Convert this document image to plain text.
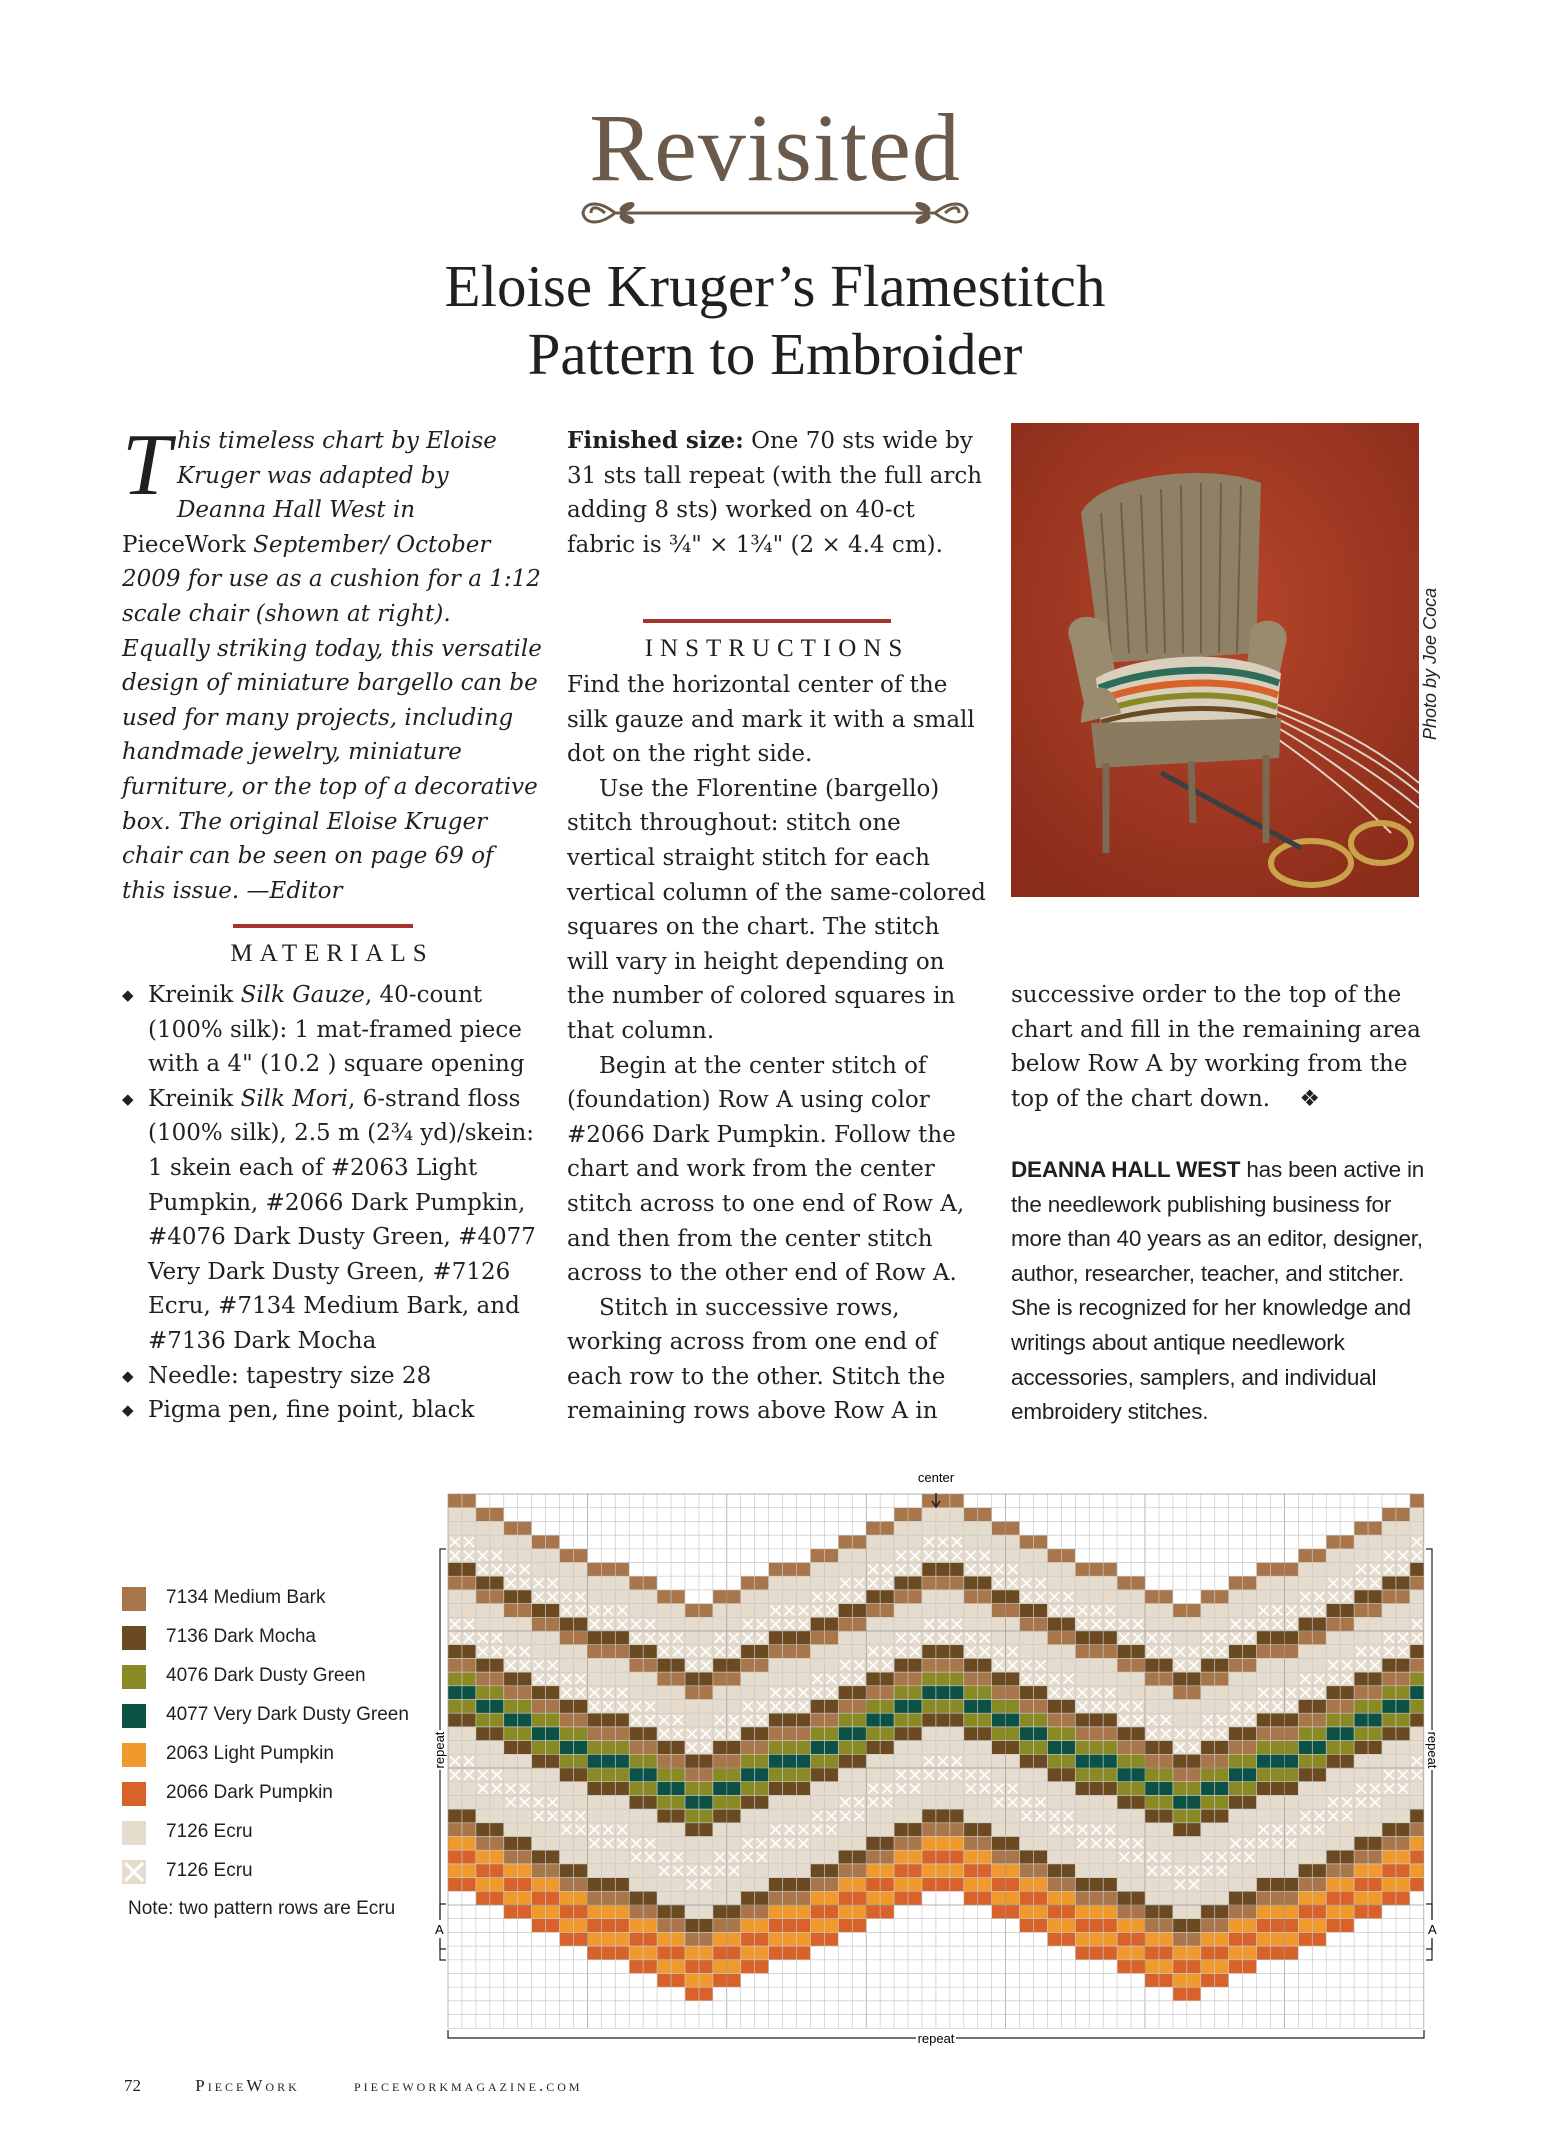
Revisited
Eloise Kruger’s Flamestitch
Pattern to Embroider
This timeless chart by Eloise Kruger was adapted by Deanna Hall West in PieceWork September/ October 2009 for use as a cushion for a 1:12 scale chair (shown at right). Equally striking today, this versatile design of miniature bargello can be used for many projects, including handmade jewelry, miniature furniture, or the top of a decorative box. The original Eloise Kruger chair can be seen on page 69 of this issue. —Editor
MATERIALS
◆ Kreinik Silk Gauze, 40-count (100% silk): 1 mat-framed piece with a 4" (10.2 ) square opening
◆ Kreinik Silk Mori, 6-strand floss (100% silk), 2.5 m (2¾ yd)/skein: 1 skein each of #2063 Light Pumpkin, #2066 Dark Pumpkin, #4076 Dark Dusty Green, #4077 Very Dark Dusty Green, #7126 Ecru, #7134 Medium Bark, and #7136 Dark Mocha
◆ Needle: tapestry size 28
◆ Pigma pen, fine point, black
Finished size: One 70 sts wide by 31 sts tall repeat (with the full arch adding 8 sts) worked on 40-ct fabric is ¾" × 1¾" (2 × 4.4 cm).
INSTRUCTIONS

Find the horizontal center of the silk gauze and mark it with a small dot on the right side.

Use the Florentine (bargello) stitch throughout: stitch one vertical straight stitch for each vertical column of the same-colored squares on the chart. The stitch will vary in height depending on the number of colored squares in that column.

Begin at the center stitch of (foundation) Row A using color #2066 Dark Pumpkin. Follow the chart and work from the center stitch across to one end of Row A, and then from the center stitch across to the other end of Row A.

Stitch in successive rows, working across from one end of each row to the other. Stitch the remaining rows above Row A in

Photo by Joe Coca
successive order to the top of the chart and fill in the remaining area below Row A by working from the top of the chart down. ❖
DEANNA HALL WEST has been active in the needlework publishing business for more than 40 years as an editor, designer, author, researcher, teacher, and stitcher. She is recognized for her knowledge and writings about antique needlework accessories, samplers, and individual embroidery stitches.
7134 Medium Bark
7136 Dark Mocha
4076 Dark Dusty Green
4077 Very Dark Dusty Green
2063 Light Pumpkin
2066 Dark Pumpkin
7126 Ecru
7126 Ecru
Note: two pattern rows are Ecru
center
repeat
repeat	repeat
A	A
72	PieceWork	pieceworkmagazine.com
